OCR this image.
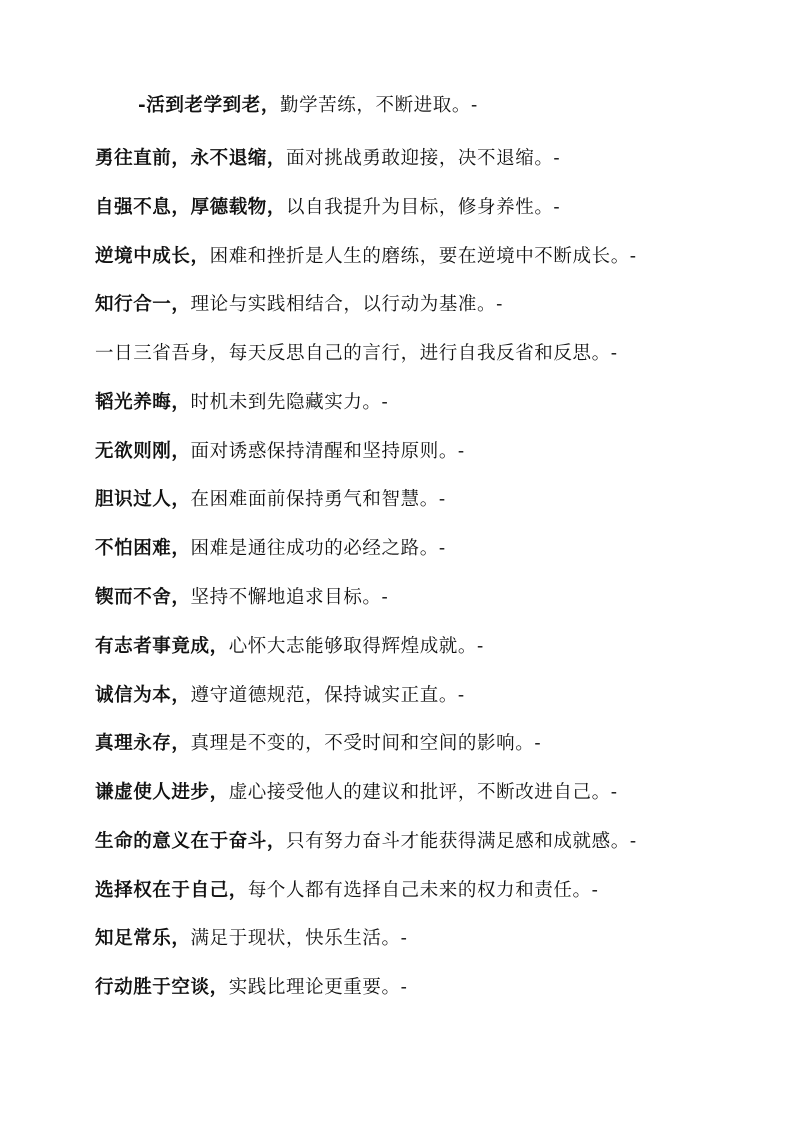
-活到老学到老，勤学苦练，不断进取。-
勇往直前，永不退缩，面对挑战勇敢迎接，决不退缩。-
自强不息，厚德载物，以自我提升为目标，修身养性。-
逆境中成长，困难和挫折是人生的磨练，要在逆境中不断成长。-
知行合一，理论与实践相结合，以行动为基准。-
一日三省吾身，每天反思自己的言行，进行自我反省和反思。-
韬光养晦，时机未到先隐藏实力。-
无欲则刚，面对诱惑保持清醒和坚持原则。-
胆识过人，在困难面前保持勇气和智慧。-
不怕困难，困难是通往成功的必经之路。-
锲而不舍，坚持不懈地追求目标。-
有志者事竟成，心怀大志能够取得辉煌成就。-
诚信为本，遵守道德规范，保持诚实正直。-
真理永存，真理是不变的，不受时间和空间的影响。-
谦虚使人进步，虚心接受他人的建议和批评，不断改进自己。-
生命的意义在于奋斗，只有努力奋斗才能获得满足感和成就感。-
选择权在于自己，每个人都有选择自己未来的权力和责任。-
知足常乐，满足于现状，快乐生活。-
行动胜于空谈，实践比理论更重要。-
